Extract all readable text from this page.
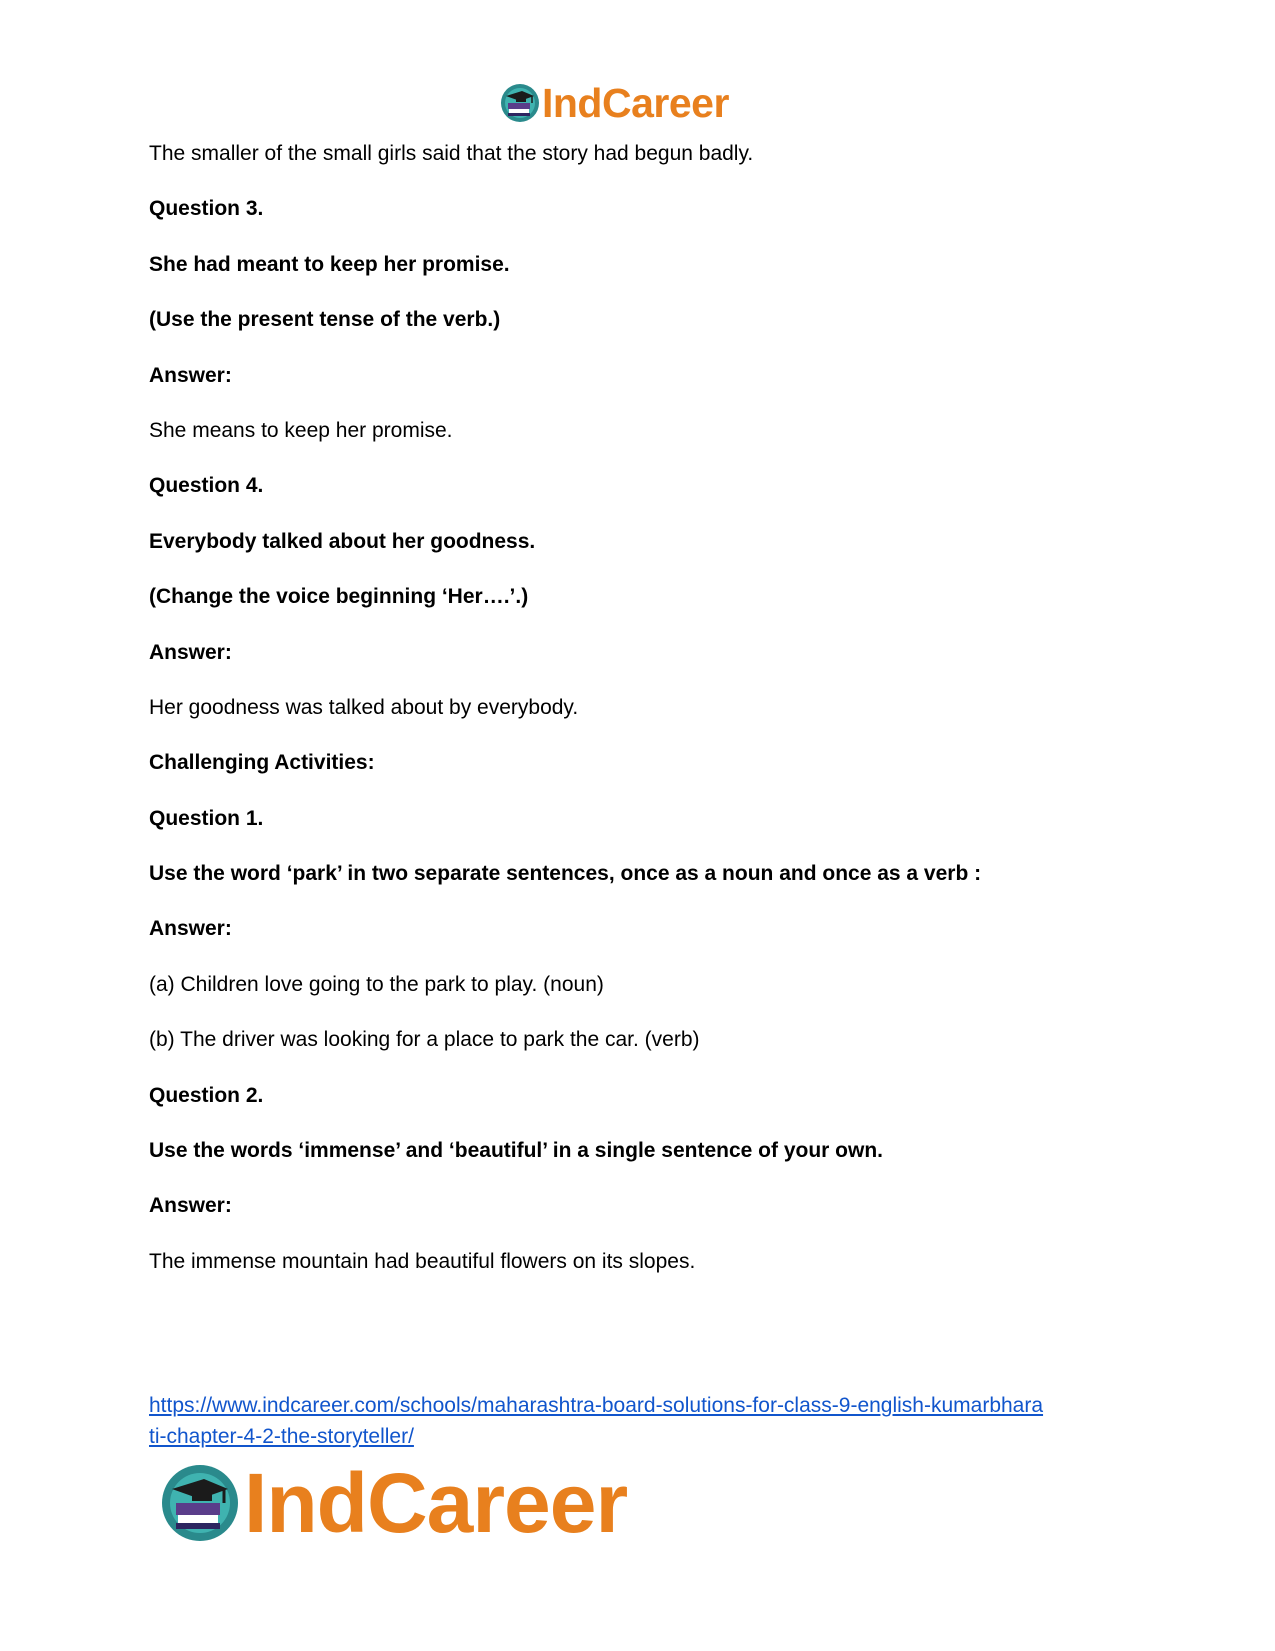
IndCareer
The smaller of the small girls said that the story had begun badly.
Question 3.
She had meant to keep her promise.
(Use the present tense of the verb.)
Answer:
She means to keep her promise.
Question 4.
Everybody talked about her goodness.
(Change the voice beginning ‘Her….’.)
Answer:
Her goodness was talked about by everybody.
Challenging Activities:
Question 1.
Use the word ‘park’ in two separate sentences, once as a noun and once as a verb :
Answer:
(a) Children love going to the park to play. (noun)
(b) The driver was looking for a place to park the car. (verb)
Question 2.
Use the words ‘immense’ and ‘beautiful’ in a single sentence of your own.
Answer:
The immense mountain had beautiful flowers on its slopes.
https://www.indcareer.com/schools/maharashtra-board-solutions-for-class-9-english-kumarbhara
ti-chapter-4-2-the-storyteller/
IndCareer
